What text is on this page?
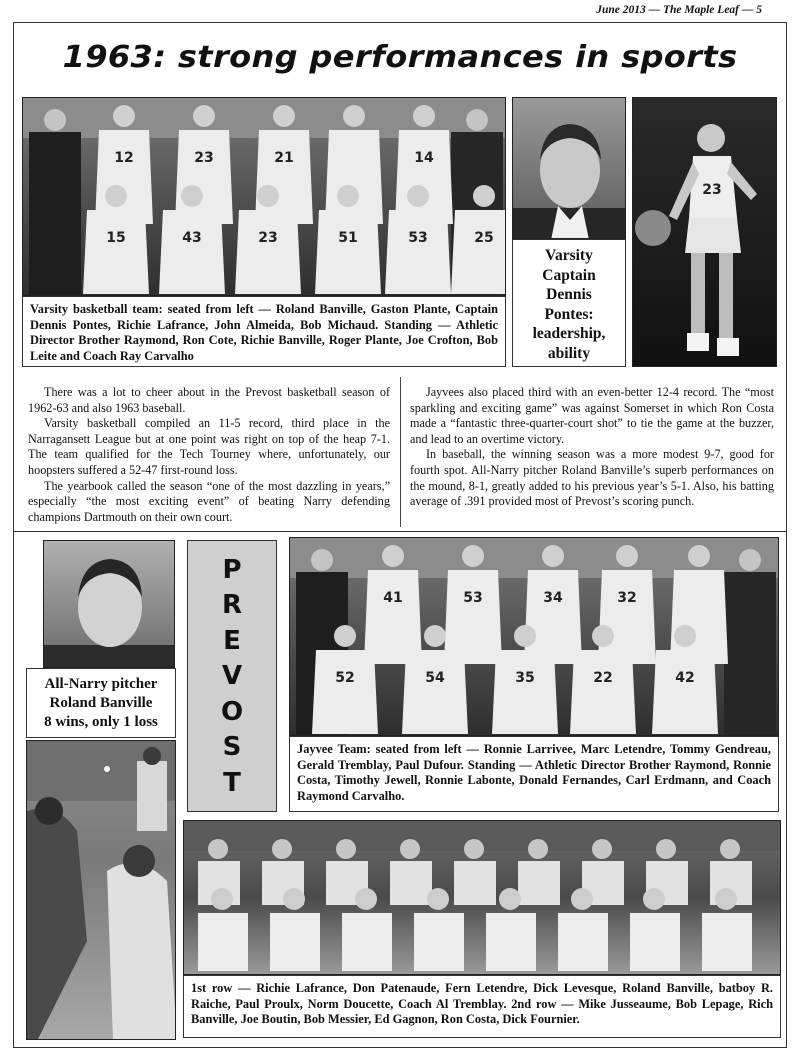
June 2013 — The Maple Leaf — 5
1963: strong performances in sports
12	23	21	14
15	43	23	51	53	25
Varsity basketball team: seated from left — Roland Banville, Gaston Plante, Captain Dennis Pontes, Richie Lafrance, John Almeida, Bob Michaud. Standing — Athletic Director Brother Raymond, Ron Cote, Richie Banville, Roger Plante, Joe Crofton, Bob Leite and Coach Ray Carvalho
Varsity
Captain
Dennis
Pontes:
leadership,
ability
23

There was a lot to cheer about in the Prevost basketball season of 1962-63 and also 1963 baseball.

Varsity basketball compiled an 11-5 record, third place in the Narragansett League but at one point was right on top of the heap 7-1. The team qualified for the Tech Tourney where, unfortunately, our hoopsters suffered a 52-47 first-round loss.

The yearbook called the season “one of the most dazzling in years,” especially “the most exciting event” of beating Narry defending champions Dartmouth on their own court.

Jayvees also placed third with an even-better 12-4 record. The “most sparkling and exciting game” was against Somerset in which Ron Costa made a “fantastic three-quarter-court shot” to tie the game at the buzzer, and lead to an overtime victory.

In baseball, the winning season was a more modest 9-7, good for fourth spot. All-Narry pitcher Roland Banville’s superb performances on the mound, 8-1, greatly added to his previous year’s 5-1. Also, his batting average of .391 provided most of Prevost’s scoring punch.

All-Narry pitcher
Roland Banville
8 wins, only 1 loss
P
R
E
V
O
S
T
41	53	34	32
52	54	35	22	42
Jayvee Team: seated from left — Ronnie Larrivee, Marc Letendre, Tommy Gendreau, Gerald Tremblay, Paul Dufour. Standing — Athletic Director Brother Raymond, Ronnie Costa, Timothy Jewell, Ronnie Labonte, Donald Fernandes, Carl Erdmann, and Coach Raymond Carvalho.
1st row — Richie Lafrance, Don Patenaude, Fern Letendre, Dick Levesque, Roland Banville, batboy R. Raiche, Paul Proulx, Norm Doucette, Coach Al Tremblay. 2nd row — Mike Jusseaume, Bob Lepage, Rich Banville, Joe Boutin, Bob Messier, Ed Gagnon, Ron Costa, Dick Fournier.
